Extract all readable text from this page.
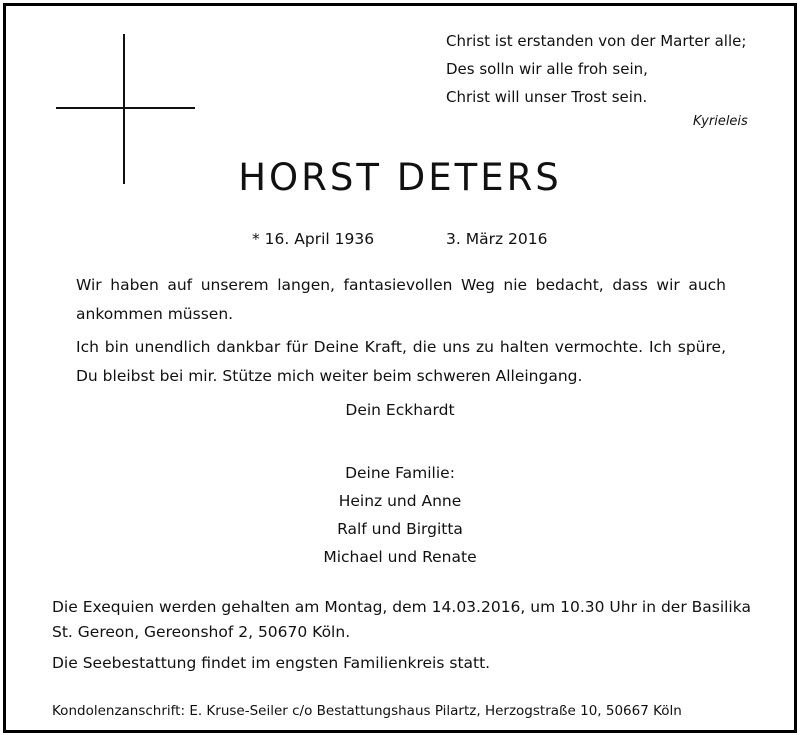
Christ ist erstanden von der Marter alle;
Des solln wir alle froh sein,
Christ will unser Trost sein.
Kyrieleis
HORST DETERS
* 16. April 1936	3. März 2016
Wir haben auf unserem langen, fantasievollen Weg nie bedacht, dass wir auch ankommen müssen.
Ich bin unendlich dankbar für Deine Kraft, die uns zu halten vermochte. Ich spüre, Du bleibst bei mir. Stütze mich weiter beim schweren Alleingang.
Dein Eckhardt
Deine Familie:
Heinz und Anne
Ralf und Birgitta
Michael und Renate
Die Exequien werden gehalten am Montag, dem 14.03.2016, um 10.30 Uhr in der Basilika
St. Gereon, Gereonshof 2, 50670 Köln.
Die Seebestattung findet im engsten Familienkreis statt.
Kondolenzanschrift: E. Kruse-Seiler c/o Bestattungshaus Pilartz, Herzogstraße 10, 50667 Köln
